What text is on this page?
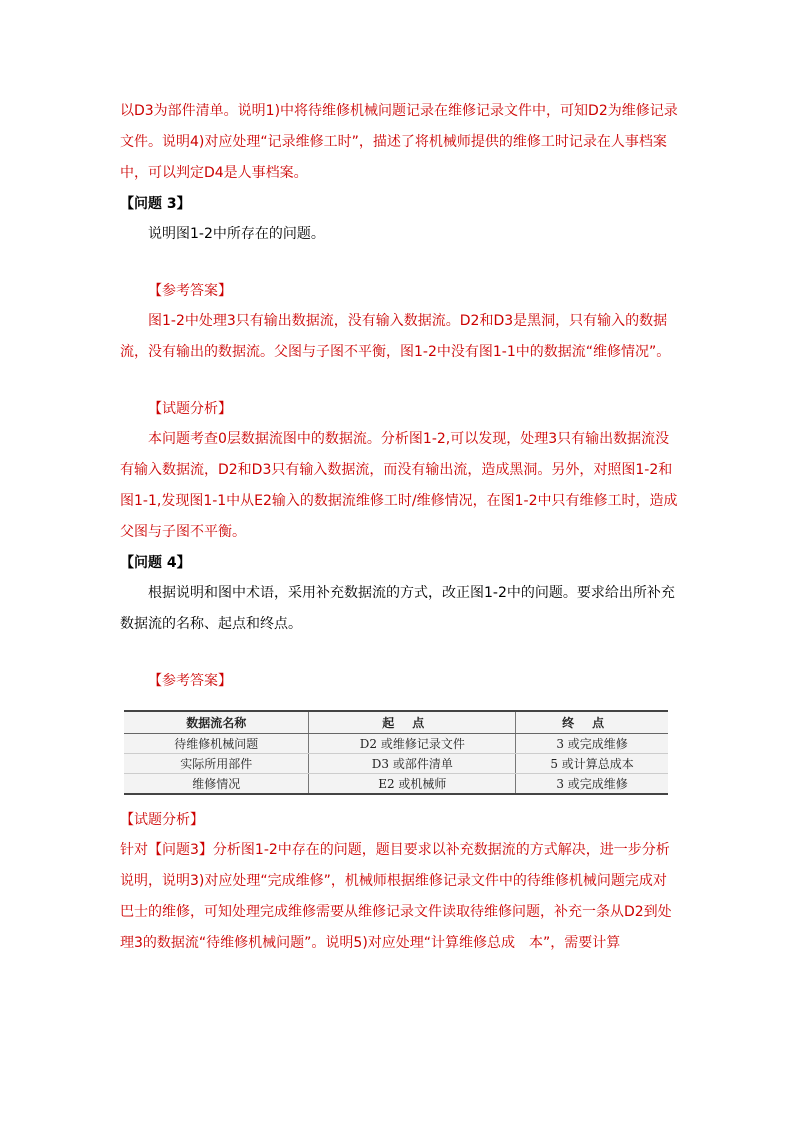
以D3为部件清单。说明1)中将待维修机械问题记录在维修记录文件中，可知D2为维修记录文件。说明4)对应处理“记录维修工时”，描述了将机械师提供的维修工时记录在人事档案中，可以判定D4是人事档案。

【问题 3】

说明图1-2中所存在的问题。

【参考答案】

图1-2中处理3只有输出数据流，没有输入数据流。D2和D3是黑洞，只有输入的数据流，没有输出的数据流。父图与子图不平衡，图1-2中没有图1-1中的数据流“维修情况”。

【试题分析】

本问题考查0层数据流图中的数据流。分析图1-2,可以发现，处理3只有输出数据流没有输入数据流，D2和D3只有输入数据流，而没有输出流，造成黑洞。另外，对照图1-2和图1-1,发现图1-1中从E2输入的数据流维修工时/维修情况，在图1-2中只有维修工时，造成父图与子图不平衡。

【问题 4】

根据说明和图中术语，采用补充数据流的方式，改正图1-2中的问题。要求给出所补充数据流的名称、起点和终点。

【参考答案】

数据流名称	起点	终点
待维修机械问题	D2 或维修记录文件	3 或完成维修
实际所用部件	D3 或部件清单	5 或计算总成本
维修情况	E2 或机械师	3 或完成维修

【试题分析】

针对【问题3】分析图1-2中存在的问题，题目要求以补充数据流的方式解决，进一步分析说明，说明3)对应处理“完成维修”，机械师根据维修记录文件中的待维修机械问题完成对巴士的维修，可知处理完成维修需要从维修记录文件读取待维修问题，补充一条从D2到处理3的数据流“待维修机械问题”。说明5)对应处理“计算维修总成　本”，需要计算
